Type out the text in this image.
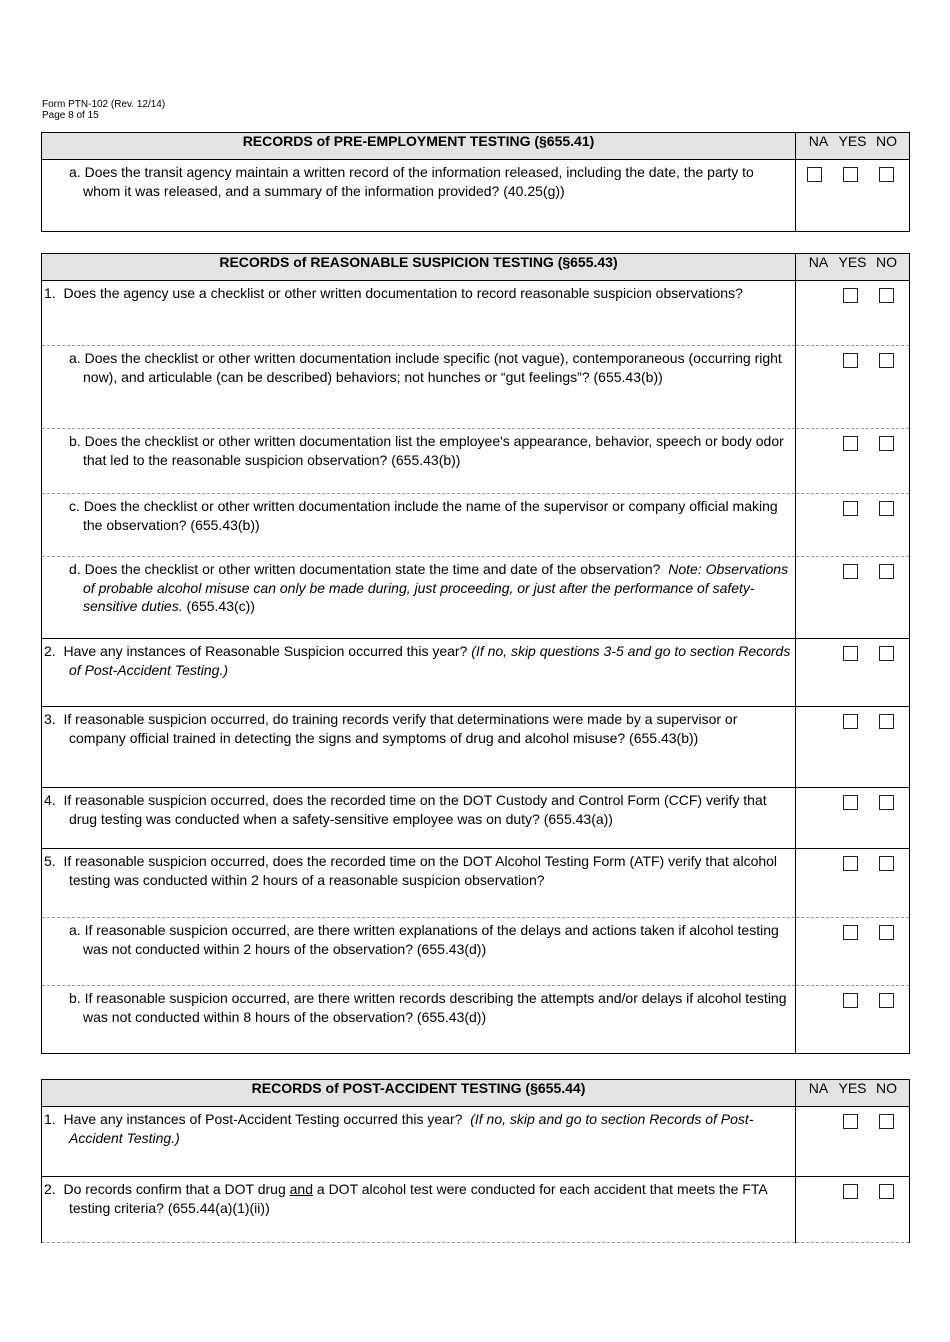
Form PTN-102 (Rev. 12/14)
Page 8 of 15
RECORDS of PRE-EMPLOYMENT TESTING (§655.41)	NA YES NO

a. Does the transit agency maintain a written record of the information released, including the date, the party to whom it was released, and a summary of the information provided? (40.25(g))	

RECORDS of REASONABLE SUSPICION TESTING (§655.43)	NA YES NO

1. Does the agency use a checklist or other written documentation to record reasonable suspicion observations?	

a. Does the checklist or other written documentation include specific (not vague), contemporaneous (occurring right now), and articulable (can be described) behaviors; not hunches or “gut feelings”? (655.43(b))	

b. Does the checklist or other written documentation list the employee's appearance, behavior, speech or body odor that led to the reasonable suspicion observation? (655.43(b))	

c. Does the checklist or other written documentation include the name of the supervisor or company official making the observation? (655.43(b))	

d. Does the checklist or other written documentation state the time and date of the observation? Note: Observations of probable alcohol misuse can only be made during, just proceeding, or just after the performance of safety-sensitive duties. (655.43(c))	

2. Have any instances of Reasonable Suspicion occurred this year? (If no, skip questions 3-5 and go to section Records of Post-Accident Testing.)	

3. If reasonable suspicion occurred, do training records verify that determinations were made by a supervisor or company official trained in detecting the signs and symptoms of drug and alcohol misuse? (655.43(b))	

4. If reasonable suspicion occurred, does the recorded time on the DOT Custody and Control Form (CCF) verify that drug testing was conducted when a safety-sensitive employee was on duty? (655.43(a))	

5. If reasonable suspicion occurred, does the recorded time on the DOT Alcohol Testing Form (ATF) verify that alcohol testing was conducted within 2 hours of a reasonable suspicion observation?	

a. If reasonable suspicion occurred, are there written explanations of the delays and actions taken if alcohol testing was not conducted within 2 hours of the observation? (655.43(d))	

b. If reasonable suspicion occurred, are there written records describing the attempts and/or delays if alcohol testing was not conducted within 8 hours of the observation? (655.43(d))	

RECORDS of POST-ACCIDENT TESTING (§655.44)	NA YES NO

1. Have any instances of Post-Accident Testing occurred this year? (If no, skip and go to section Records of Post-Accident Testing.)	

2. Do records confirm that a DOT drug and a DOT alcohol test were conducted for each accident that meets the FTA testing criteria? (655.44(a)(1)(ii))	
